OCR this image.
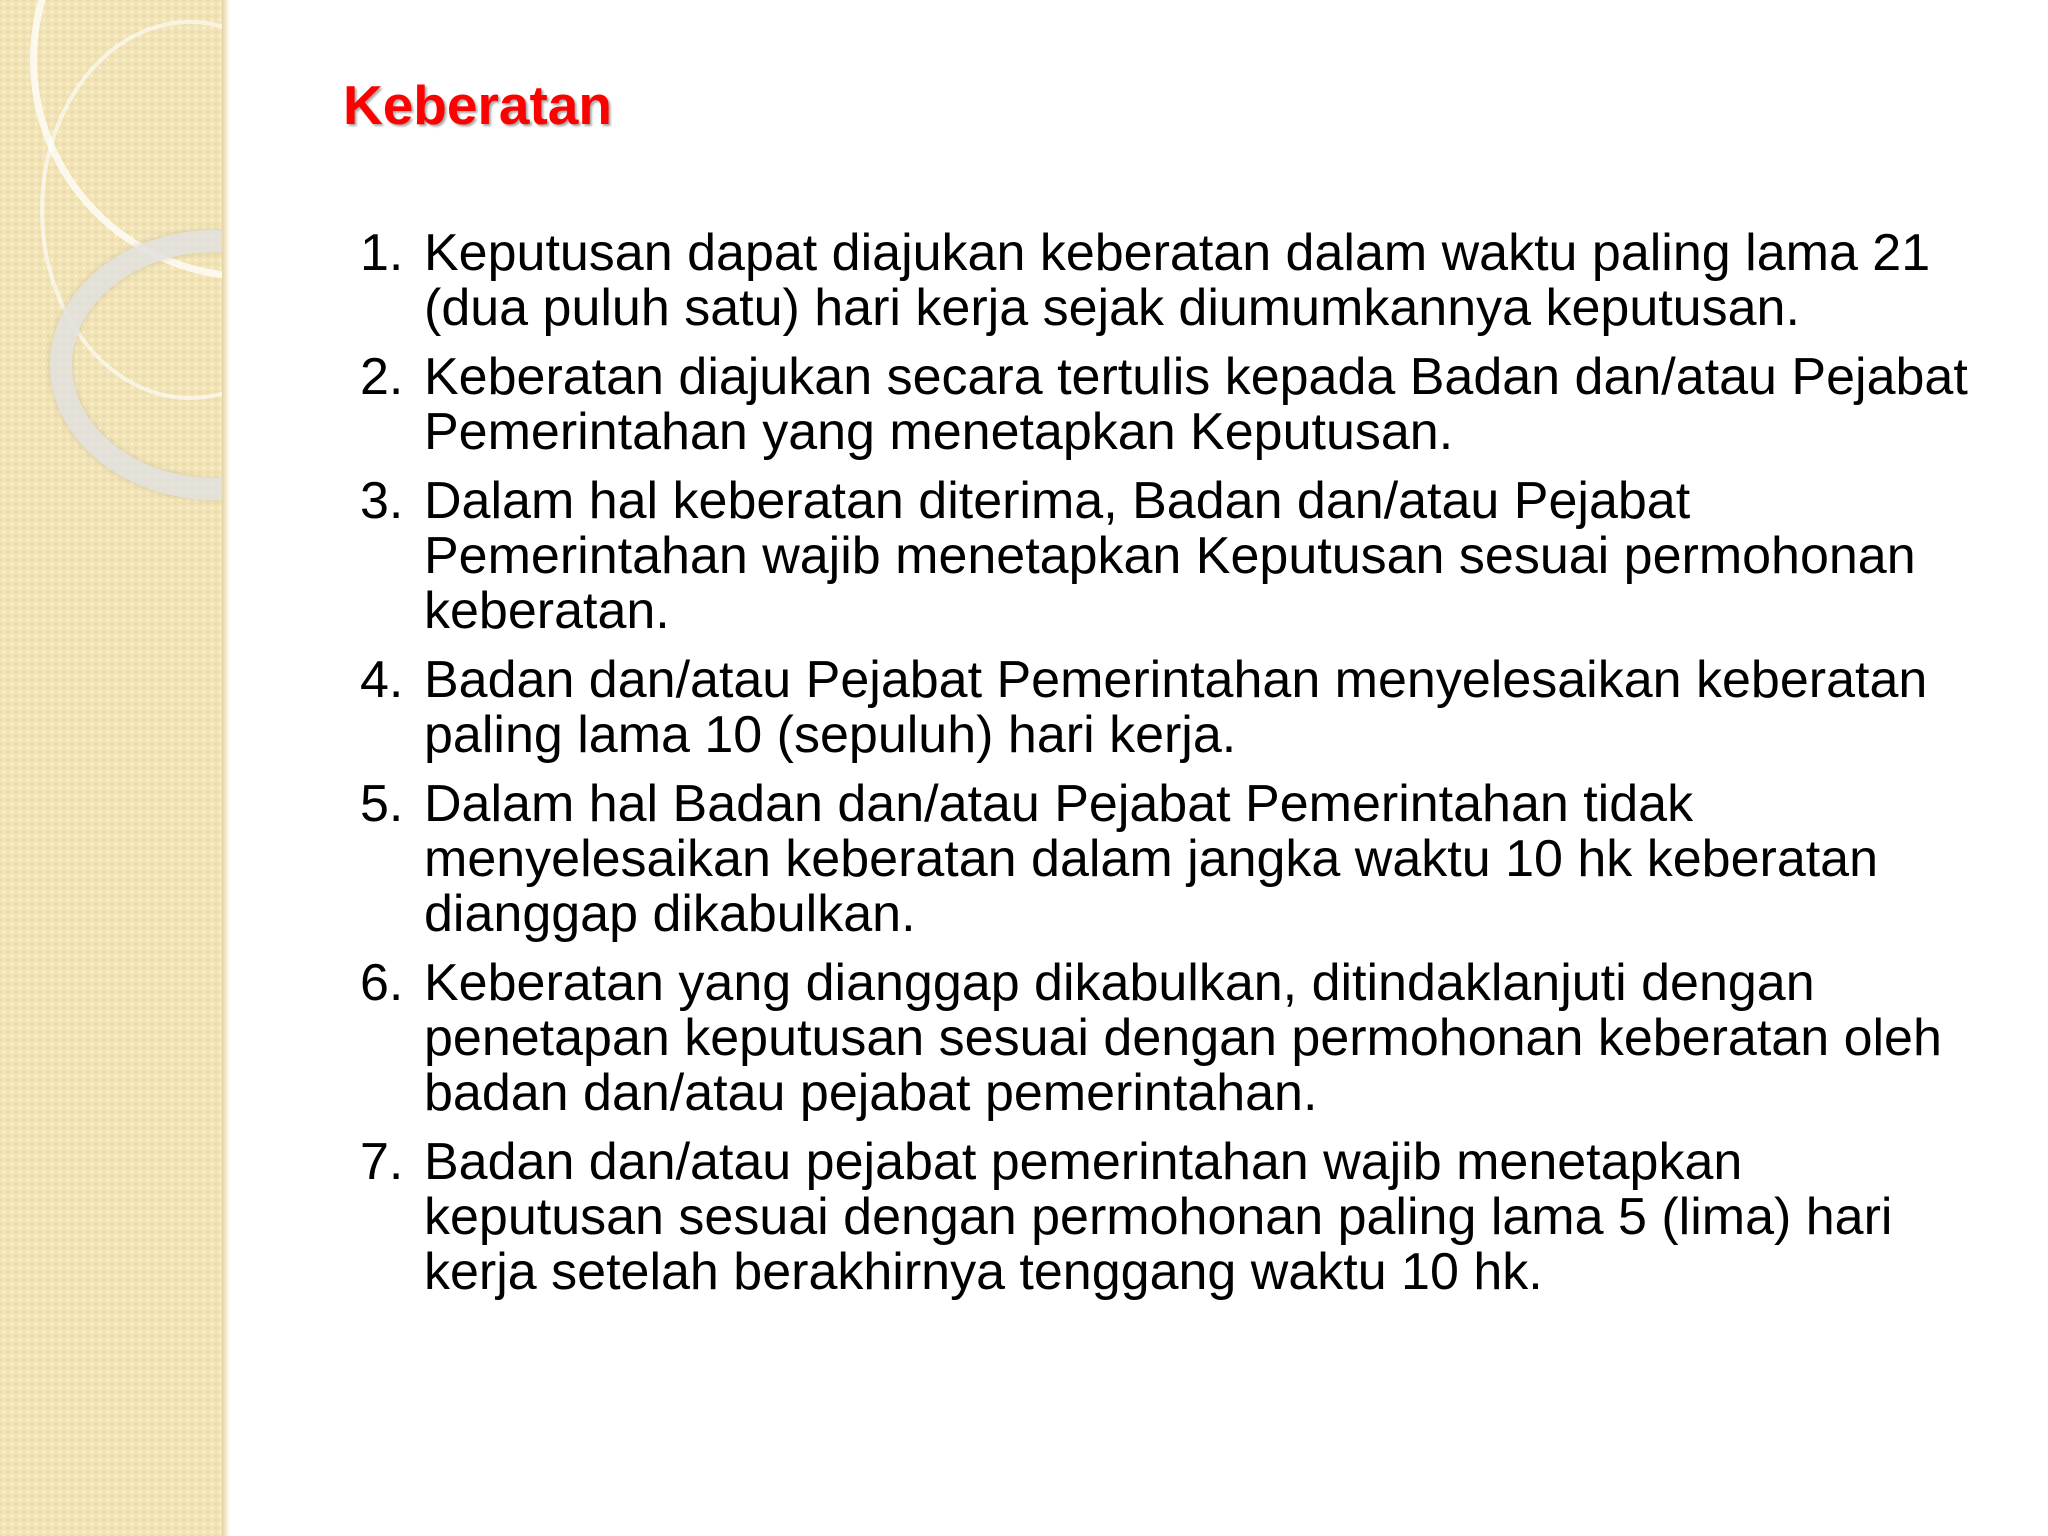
Keberatan
1. Keputusan dapat diajukan keberatan dalam waktu paling lama 21 (dua puluh satu) hari kerja sejak diumumkannya keputusan.
2. Keberatan diajukan secara tertulis kepada Badan dan/atau Pejabat Pemerintahan yang menetapkan Keputusan.
3. Dalam hal keberatan diterima, Badan dan/atau Pejabat Pemerintahan wajib menetapkan Keputusan sesuai permohonan keberatan.
4. Badan dan/atau Pejabat Pemerintahan menyelesaikan keberatan paling lama 10 (sepuluh) hari kerja.
5. Dalam hal Badan dan/atau Pejabat Pemerintahan tidak menyelesaikan keberatan dalam jangka waktu 10 hk keberatan dianggap dikabulkan.
6. Keberatan yang dianggap dikabulkan, ditindaklanjuti dengan penetapan keputusan sesuai dengan permohonan keberatan oleh badan dan/atau pejabat pemerintahan.
7. Badan dan/atau pejabat pemerintahan wajib menetapkan keputusan sesuai dengan permohonan paling lama 5 (lima) hari kerja setelah berakhirnya tenggang waktu 10 hk.
